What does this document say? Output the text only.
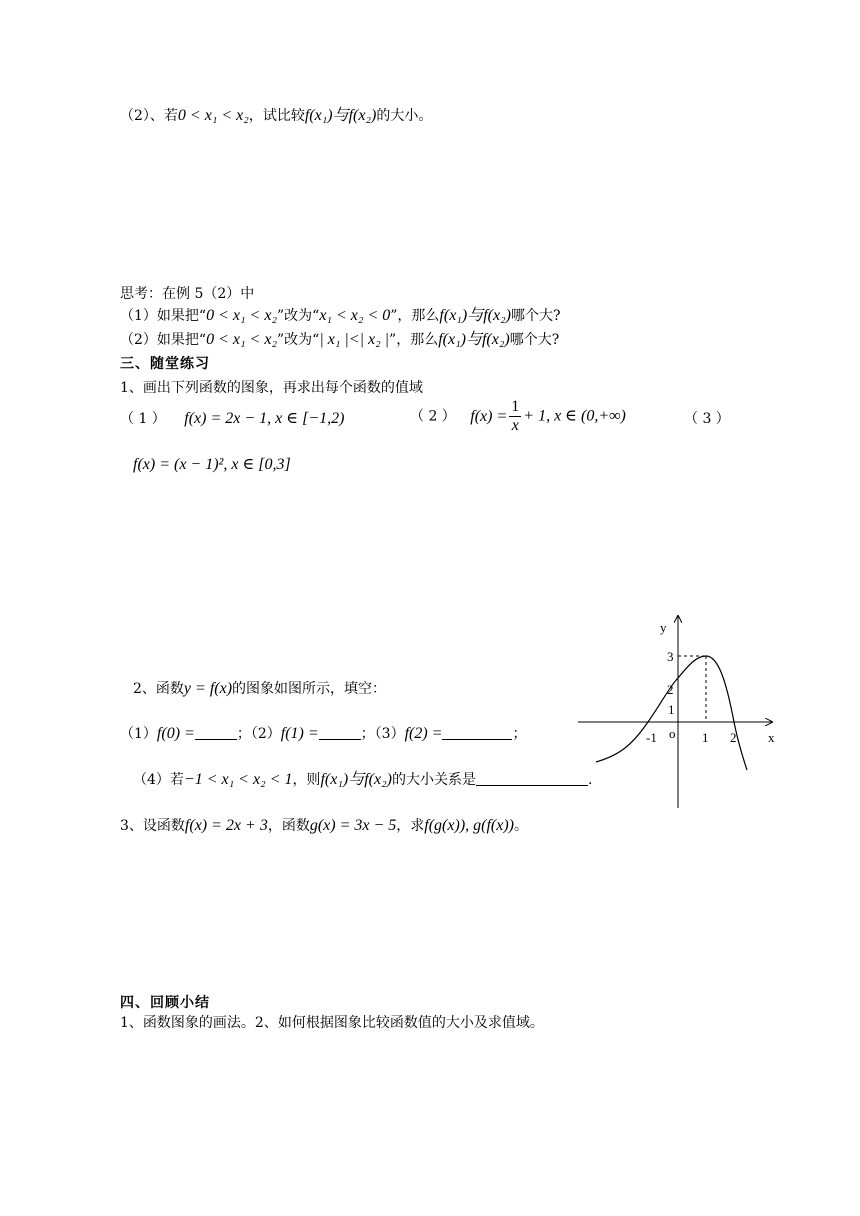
（2）、若0 < x₁ < x₂，试比较f(x₁)与f(x₂)的大小。
思考：在例 5（2）中
（1）如果把“0 < x₁ < x₂”改为“x₁ < x₂ < 0”，那么f(x₁)与f(x₂)哪个大?
（2）如果把“0 < x₁ < x₂”改为“| x₁ |<| x₂ |”，那么f(x₁)与f(x₂)哪个大?
三、随堂练习
1、画出下列函数的图象，再求出每个函数的值域
（ 1 ） f(x) = 2x − 1, x ∈ [−1,2)	（ 2 ） $f(x) = \frac{1}{x} + 1$, x ∈ (0,+∞)	（ 3 ）
f(x) = (x − 1)², x ∈ [0,3]
2、函数y = f(x)的图象如图所示，填空：
（1）f(0) =	；（2）f(1) =	；（3）f(2) =	；
（4）若−1 < x₁ < x₂ < 1，则f(x₁)与f(x₂)的大小关系是	.
3、设函数f(x) = 2x + 3，函数g(x) = 3x − 5，求f(g(x)), g(f(x))。
y
x
o
3
2
1
-1	1 2
四、回顾小结
1、函数图象的画法。2、如何根据图象比较函数值的大小及求值域。
